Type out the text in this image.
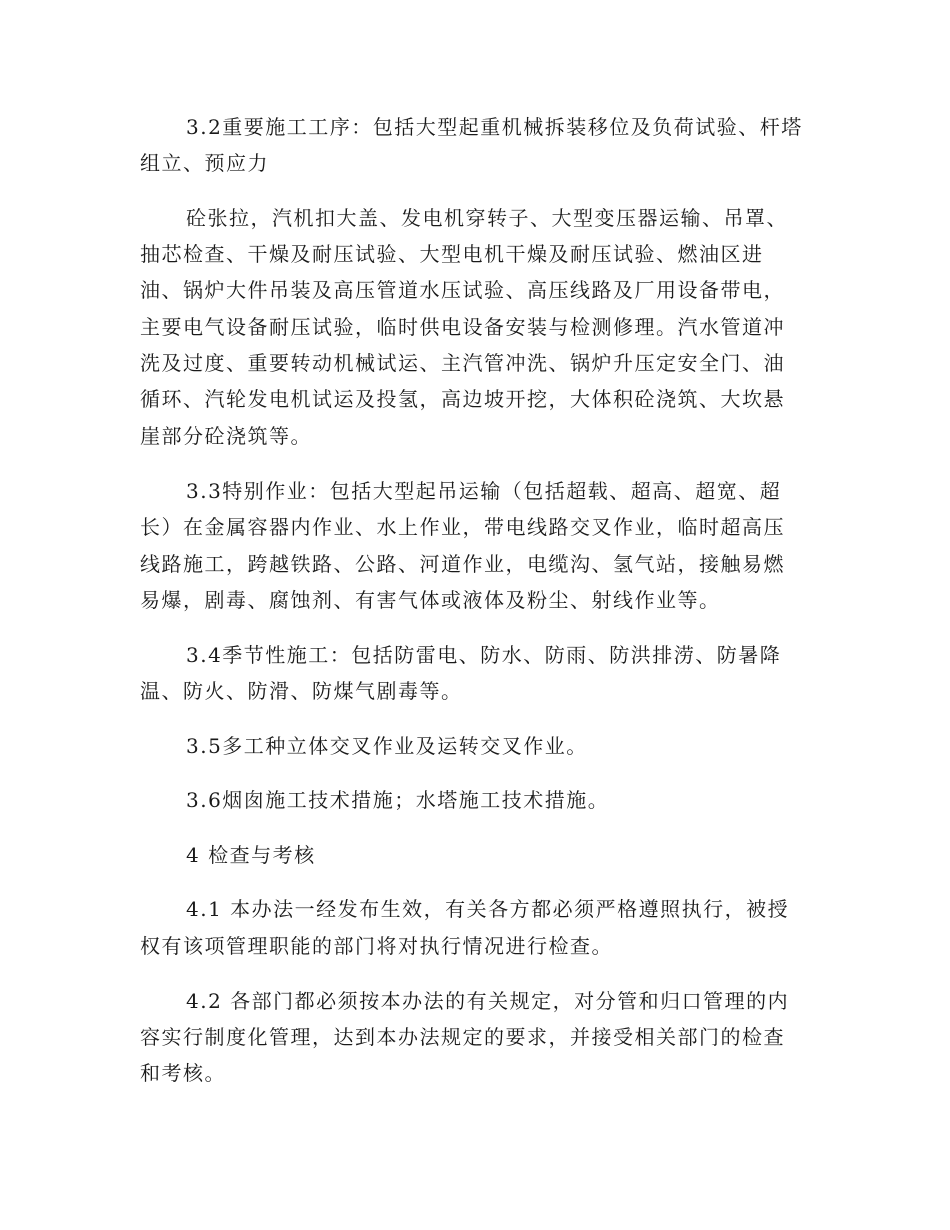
3.2重要施工工序：包括大型起重机械拆装移位及负荷试验、杆塔
组立、预应力
砼张拉，汽机扣大盖、发电机穿转子、大型变压器运输、吊罩、
抽芯检查、干燥及耐压试验、大型电机干燥及耐压试验、燃油区进
油、锅炉大件吊装及高压管道水压试验、高压线路及厂用设备带电，
主要电气设备耐压试验，临时供电设备安装与检测修理。汽水管道冲
洗及过度、重要转动机械试运、主汽管冲洗、锅炉升压定安全门、油
循环、汽轮发电机试运及投氢，高边坡开挖，大体积砼浇筑、大坎悬
崖部分砼浇筑等。
3.3特别作业：包括大型起吊运输（包括超载、超高、超宽、超
长）在金属容器内作业、水上作业，带电线路交叉作业，临时超高压
线路施工，跨越铁路、公路、河道作业，电缆沟、氢气站，接触易燃
易爆，剧毒、腐蚀剂、有害气体或液体及粉尘、射线作业等。
3.4季节性施工：包括防雷电、防水、防雨、防洪排涝、防暑降
温、防火、防滑、防煤气剧毒等。
3.5多工种立体交叉作业及运转交叉作业。
3.6烟囱施工技术措施；水塔施工技术措施。
4 检查与考核
4.1 本办法一经发布生效，有关各方都必须严格遵照执行，被授
权有该项管理职能的部门将对执行情况进行检查。
4.2 各部门都必须按本办法的有关规定，对分管和归口管理的内
容实行制度化管理，达到本办法规定的要求，并接受相关部门的检查
和考核。
